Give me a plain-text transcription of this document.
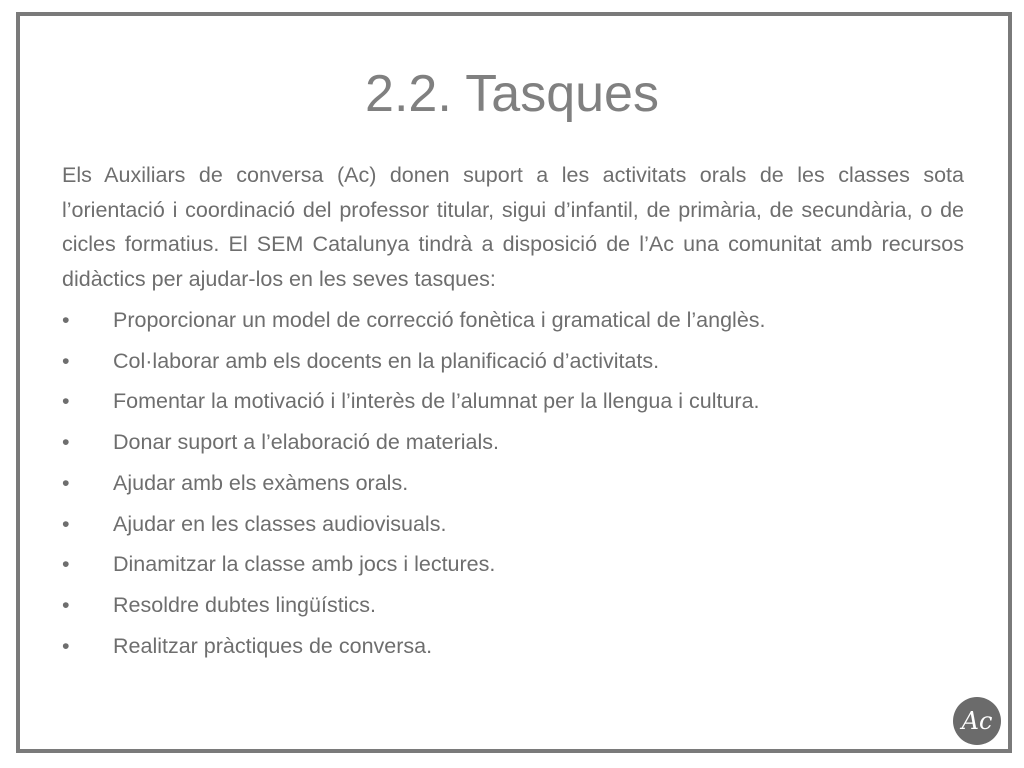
2.2. Tasques

Els Auxiliars de conversa (Ac) donen suport a les activitats orals de les classes sota l’orientació i coordinació del professor titular, sigui d’infantil, de primària, de secundària, o de cicles formatius. El SEM Catalunya tindrà a disposició de l’Ac una comunitat amb recursos didàctics per ajudar-los en les seves tasques:

•	Proporcionar un model de correcció fonètica i gramatical de l’anglès.
•	Col·laborar amb els docents en la planificació d’activitats.
•	Fomentar la motivació i l’interès de l’alumnat per la llengua i cultura.
•	Donar suport a l’elaboració de materials.
•	Ajudar amb els exàmens orals.
•	Ajudar en les classes audiovisuals.
•	Dinamitzar la classe amb jocs i lectures.
•	Resoldre dubtes lingüístics.
•	Realitzar pràctiques de conversa.
Ac
